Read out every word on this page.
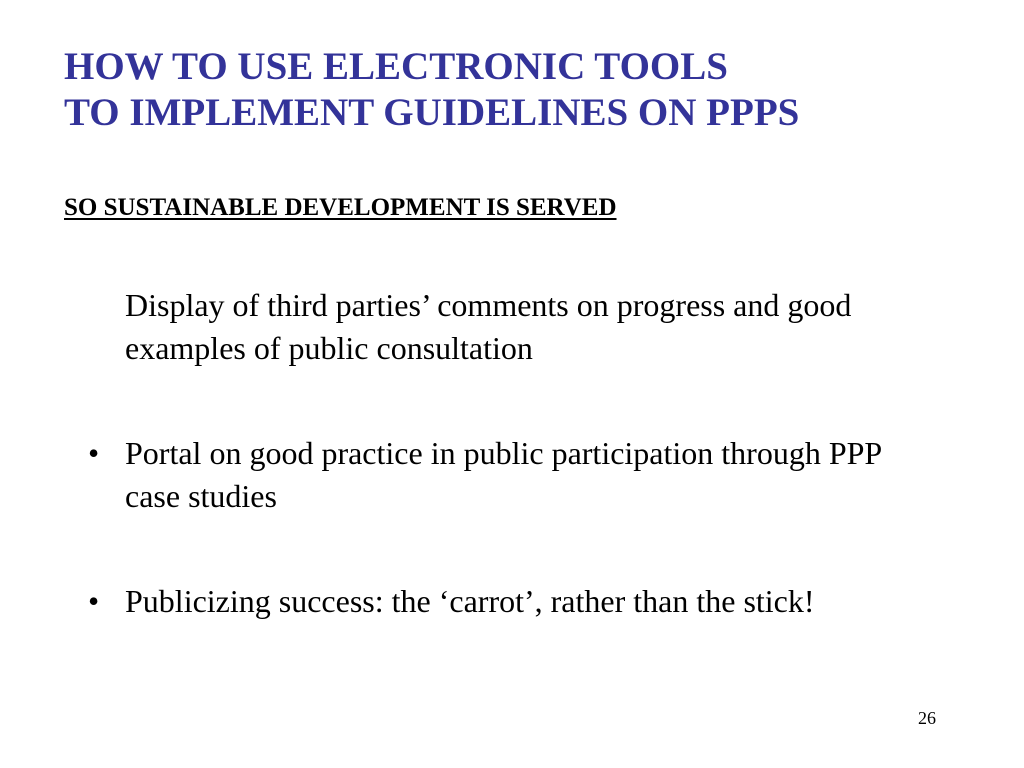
HOW TO USE ELECTRONIC TOOLS
TO IMPLEMENT GUIDELINES ON PPPS

SO SUSTAINABLE DEVELOPMENT IS SERVED

Display of third parties’ comments on progress and good examples of public consultation
• Portal on good practice in public participation through PPP case studies
• Publicizing success: the ‘carrot’, rather than the stick!

26
